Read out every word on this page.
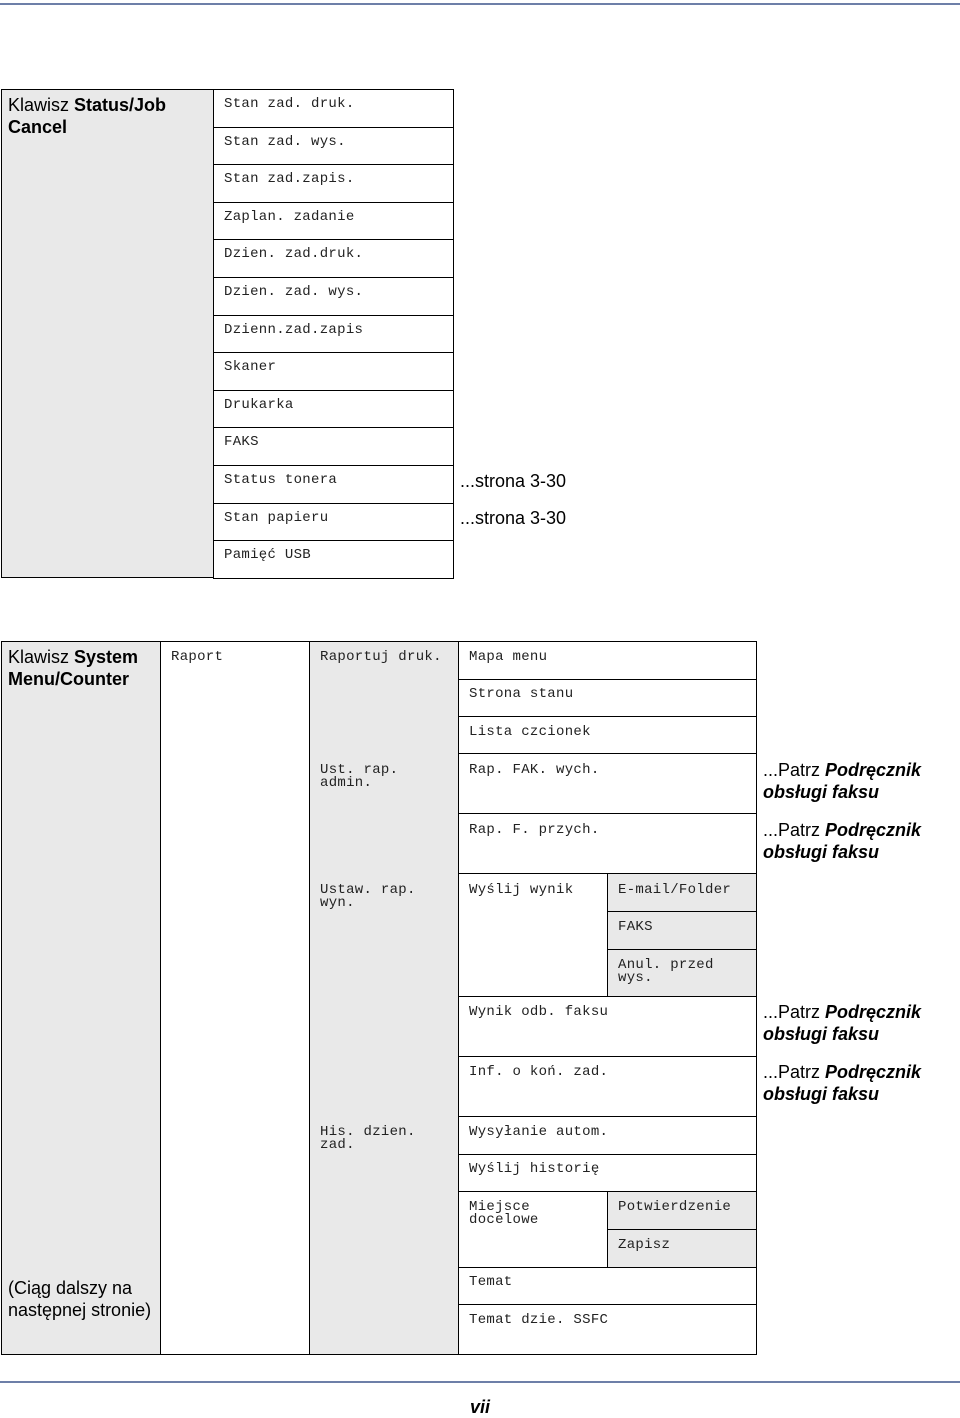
Klawisz Status/Job Cancel
Stan zad. druk.
Stan zad. wys.
Stan zad.zapis.
Zaplan. zadanie
Dzien. zad.druk.
Dzien. zad. wys.
Dzienn.zad.zapis
Skaner
Drukarka
FAKS
Status tonera
Stan papieru
Pamięć USB
...strona 3-30
...strona 3-30
Klawisz System Menu/Counter
(Ciąg dalszy na następnej stronie)
Raport	Raportuj druk.
Ust. rap. admin.
Ustaw. rap. wyn.
His. dzien. zad.
Mapa menu
Strona stanu
Lista czcionek
Rap. FAK. wych.
Rap. F. przych.
Wyślij wynik	E-mail/Folder
FAKS
Anul. przed wys.
Wynik odb. faksu
Inf. o koń. zad.
Wysyłanie autom.
Wyślij historię
Miejsce docelowe
Potwierdzenie
Zapisz
Temat
Temat dzie. SSFC
...Patrz Podręcznik obsługi faksu
...Patrz Podręcznik obsługi faksu
...Patrz Podręcznik obsługi faksu
...Patrz Podręcznik obsługi faksu
vii
